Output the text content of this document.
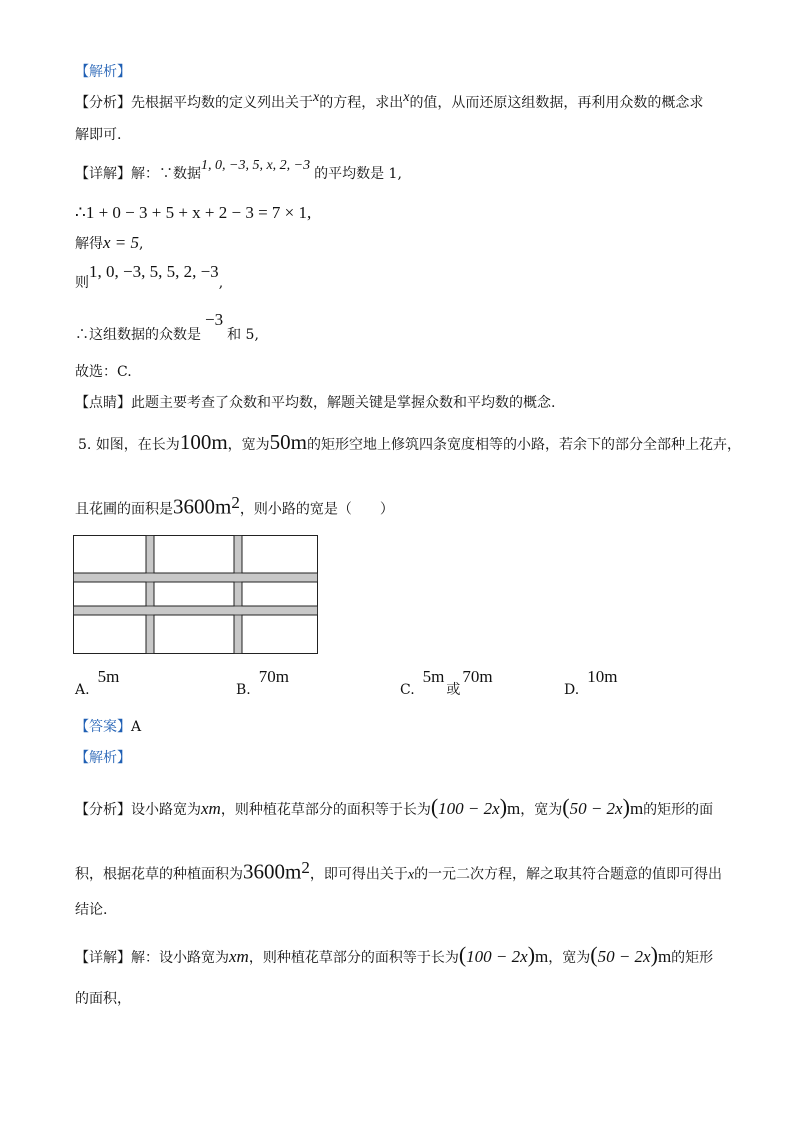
【解析】
【分析】先根据平均数的定义列出关于x的方程，求出x的值，从而还原这组数据，再利用众数的概念求
解即可.
【详解】解：∵数据1, 0, −3, 5, x, 2, −3的平均数是 1,
∴1 + 0 − 3 + 5 + x + 2 − 3 = 7 × 1,
解得x = 5,
则1, 0, −3, 5, 5, 2, −3,
∴这组数据的众数是−3和 5,
故选：C.
【点睛】此题主要考查了众数和平均数，解题关键是掌握众数和平均数的概念.
5. 如图，在长为100m，宽为50m的矩形空地上修筑四条宽度相等的小路，若余下的部分全部种上花卉，
且花圃的面积是$3600m^2$，则小路的宽是（　　）
A.5m
B.70m
C.5m或70m
D.10m
【答案】A
【解析】
【分析】设小路宽为xm，则种植花草部分的面积等于长为(100 − 2x)m，宽为(50 − 2x)m的矩形的面
积，根据花草的种植面积为$3600m^2$，即可得出关于x的一元二次方程，解之取其符合题意的值即可得出
结论.
【详解】解：设小路宽为xm，则种植花草部分的面积等于长为(100 − 2x)m，宽为(50 − 2x)m的矩形
的面积，
